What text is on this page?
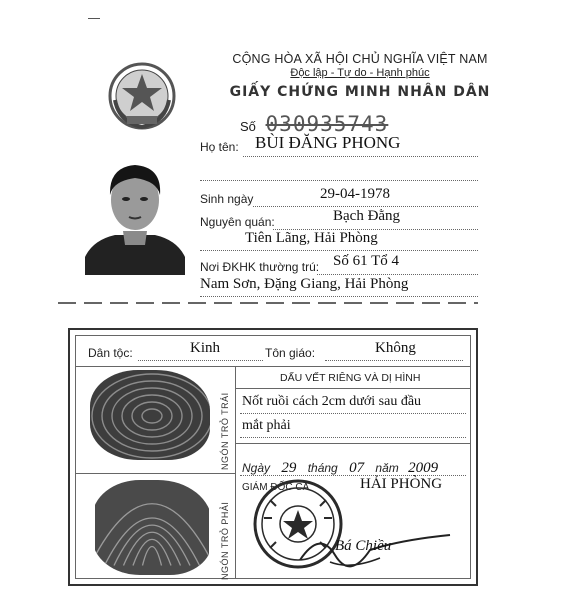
CỘNG HÒA XÃ HỘI CHỦ NGHĨA VIỆT NAM
Độc lập - Tự do - Hạnh phúc
GIẤY CHỨNG MINH NHÂN DÂN
Số 030935743
Họ tên: BÙI ĐĂNG PHONG
Sinh ngày	29-04-1978
Nguyên quán:	Bạch Đằng
Tiên Lãng, Hải Phòng
Nơi ĐKHK thường trú: Số 61 Tổ 4
Nam Sơn, Đặng Giang, Hải Phòng
Dân tộc:	Kinh	Tôn giáo:	Không
NGÓN TRỎ TRÁI
NGÓN TRỎ PHẢI
DẤU VẾT RIÊNG VÀ DỊ HÌNH
Nốt ruồi cách 2cm dưới sau đầu
mắt phải
Ngày 29 tháng 07 năm 2009
GIÁM ĐỐC CA	HẢI PHÒNG
Bá Chiều
